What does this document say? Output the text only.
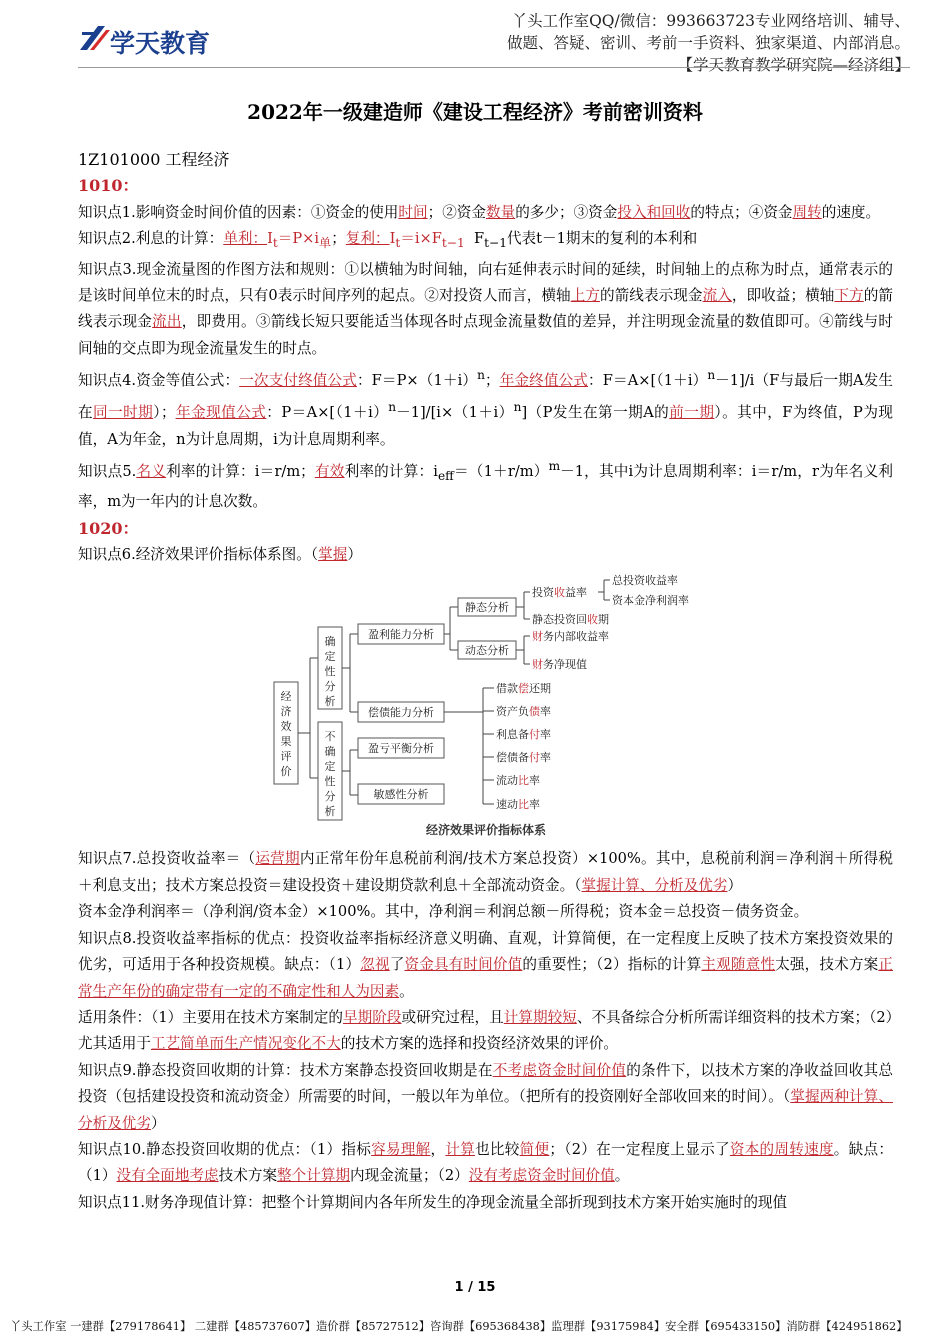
学天教育
丫头工作室QQ/微信：993663723专业网络培训、辅导、
做题、答疑、密训、考前一手资料、独家渠道、内部消息。
【学天教育教学研究院—经济组】
2022年一级建造师《建设工程经济》考前密训资料

1Z101000 工程经济

1010：

知识点1.影响资金时间价值的因素：①资金的使用时间；②资金数量的多少；③资金投入和回收的特点；④资金周转的速度。

知识点2.利息的计算：单利：$I_t=P\times i_单$；复利：$I_t=i\times F_{t-1}$ $F_{t-1}$代表t－1期末的复利的本利和

知识点3.现金流量图的作图方法和规则：①以横轴为时间轴，向右延伸表示时间的延续，时间轴上的点称为时点，通常表示的是该时间单位末的时点，只有0表示时间序列的起点。②对投资人而言，横轴上方的箭线表示现金流入，即收益；横轴下方的箭线表示现金流出，即费用。③箭线长短只要能适当体现各时点现金流量数值的差异，并注明现金流量的数值即可。④箭线与时间轴的交点即为现金流量发生的时点。

知识点4.资金等值公式：一次支付终值公式：$F=P\times(1+i)^n$；年金终值公式：$F=A\times[(1+i)^n-1]/i(F$与最后一期A发生在同一时期）；年金现值公式：$P=A\times[(1+i)^n-1]/[i\times(1+i)^n](P$发生在第一期A的前一期）。其中，F为终值，P为现值，A为年金，n为计息周期，i为计息周期利率。

知识点5.名义利率的计算：i＝r/m；有效利率的计算：$i_{eff}=(1+r/m)^m-1$，其中i为计息周期利率：i＝r/m，r为年名义利率，m为一年内的计息次数。

1020：

知识点6.经济效果评价指标体系图。（掌握）

经
济
效
果
评
价
确
定
性
分
析
不
确
定
性
分
析
盈利能力分析
偿债能力分析
盈亏平衡分析
敏感性分析
静态分析
动态分析
投资收益率
静态投资回收期
总投资收益率
资本金净利润率
财务内部收益率
财务净现值
借款偿还期
资产负债率
利息备付率
偿债备付率
流动比率
速动比率
经济效果评价指标体系

知识点7.总投资收益率＝（运营期内正常年份年息税前利润/技术方案总投资）×100%。其中，息税前利润＝净利润＋所得税＋利息支出；技术方案总投资＝建设投资＋建设期贷款利息＋全部流动资金。（掌握计算、分析及优劣）

资本金净利润率＝（净利润/资本金）×100%。其中，净利润＝利润总额－所得税；资本金＝总投资－债务资金。

知识点8.投资收益率指标的优点：投资收益率指标经济意义明确、直观，计算简便，在一定程度上反映了技术方案投资效果的优劣，可适用于各种投资规模。缺点：（1）忽视了资金具有时间价值的重要性；（2）指标的计算主观随意性太强，技术方案正常生产年份的确定带有一定的不确定性和人为因素。

适用条件：（1）主要用在技术方案制定的早期阶段或研究过程，且计算期较短、不具备综合分析所需详细资料的技术方案；（2）尤其适用于工艺简单而生产情况变化不大的技术方案的选择和投资经济效果的评价。

知识点9.静态投资回收期的计算：技术方案静态投资回收期是在不考虑资金时间价值的条件下，以技术方案的净收益回收其总投资（包括建设投资和流动资金）所需要的时间，一般以年为单位。（把所有的投资刚好全部收回来的时间）。（掌握两种计算、分析及优劣）

知识点10.静态投资回收期的优点：（1）指标容易理解，计算也比较简便；（2）在一定程度上显示了资本的周转速度。缺点：（1）没有全面地考虑技术方案整个计算期内现金流量；（2）没有考虑资金时间价值。

知识点11.财务净现值计算：把整个计算期间内各年所发生的净现金流量全部折现到技术方案开始实施时的现值

1 / 15
丫头工作室 一建群【279178641】 二建群【485737607】造价群【85727512】咨询群【695368438】监理群【93175984】安全群【695433150】消防群【424951862】
